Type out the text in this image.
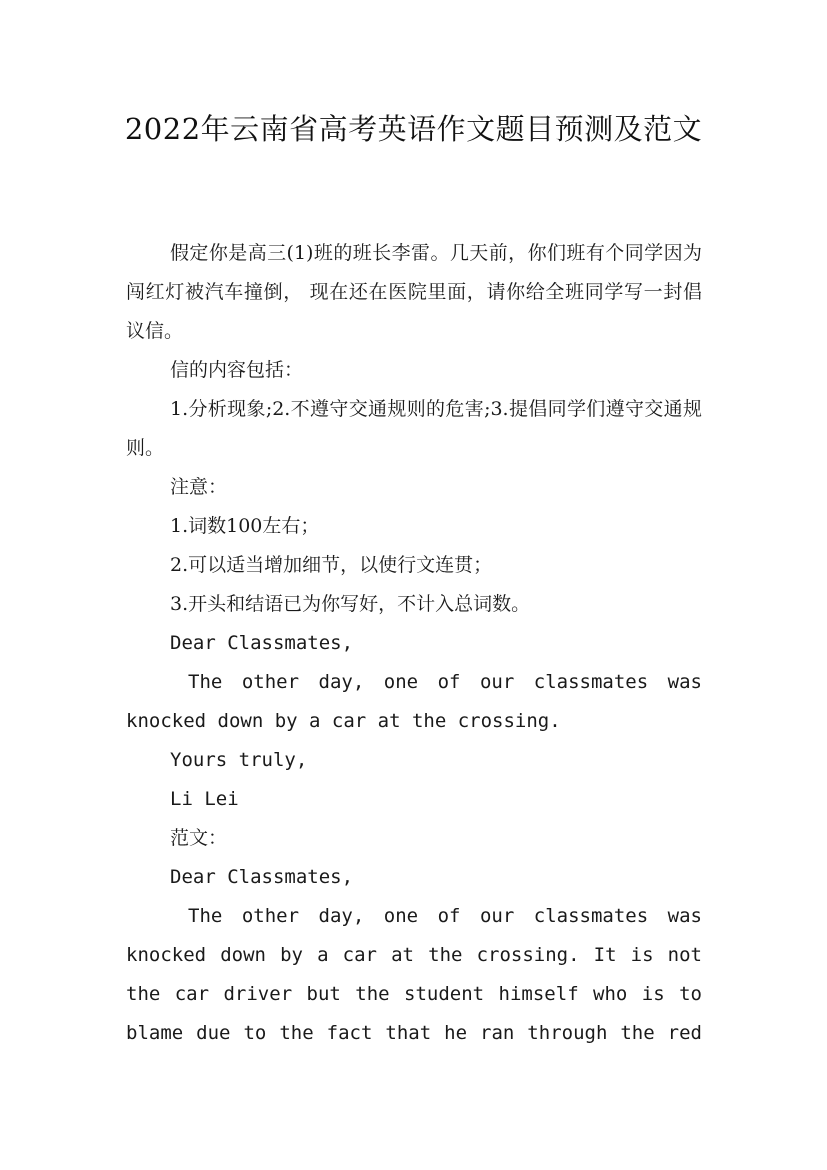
2022年云南省高考英语作文题目预测及范文

假定你是高三(1)班的班长李雷。几天前，你们班有个同学因为闯红灯被汽车撞倒， 现在还在医院里面，请你给全班同学写一封倡议信。

信的内容包括：

1.分析现象;2.不遵守交通规则的危害;3.提倡同学们遵守交通规则。

注意：

1.词数100左右；

2.可以适当增加细节，以使行文连贯；

3.开头和结语已为你写好，不计入总词数。

Dear Classmates,

The other day, one of our classmates was knocked down by a car at the crossing.

Yours truly,

Li Lei

范文：

Dear Classmates,

The other day, one of our classmates was knocked down by a car at the crossing. It is not the car driver but the student himself who is to blame due to the fact that he ran through the red
